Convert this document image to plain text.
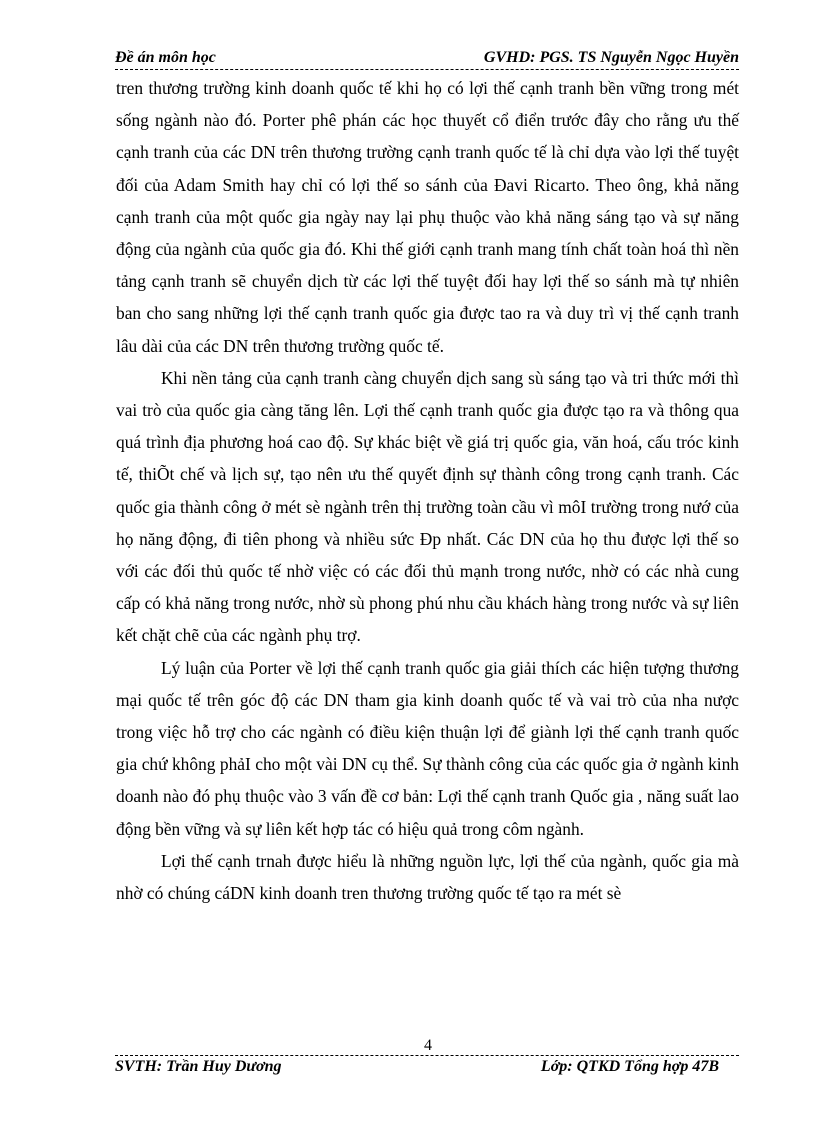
Đề án môn học	GVHD: PGS. TS Nguyễn Ngọc Huyền

tren thương trường kinh doanh quốc tế khi họ có lợi thế cạnh tranh bền vững trong mét sống ngành nào đó. Porter phê phán các học thuyết cổ điển trước đây cho rằng ưu thế cạnh tranh của các DN trên thương trường cạnh tranh quốc tế là chỉ dựa vào lợi thế tuyệt đối của Adam Smith hay chỉ có lợi thế so sánh của Đavi Ricarto. Theo ông, khả năng cạnh tranh của một quốc gia ngày nay lại phụ thuộc vào khả năng sáng tạo và sự năng động của ngành của quốc gia đó. Khi thế giới cạnh tranh mang tính chất toàn hoá thì nền tảng cạnh tranh sẽ chuyển dịch từ các lợi thế tuyệt đối hay lợi thế so sánh mà tự nhiên ban cho sang những lợi thế cạnh tranh quốc gia được tao ra và duy trì vị thế cạnh tranh lâu dài của các DN trên thương trường quốc tế.

Khi nền tảng của cạnh tranh càng chuyển dịch sang sù sáng tạo và tri thức mới thì vai trò của quốc gia càng tăng lên. Lợi thế cạnh tranh quốc gia được tạo ra và thông qua quá trình địa phương hoá cao độ. Sự khác biệt về giá trị quốc gia, văn hoá, cấu tróc kinh tế, thiÕt chế và lịch sự, tạo nên ưu thế quyết định sự thành công trong cạnh tranh. Các quốc gia thành công ở mét sè ngành trên thị trường toàn cầu vì môI trường trong nướ của họ năng động, đi tiên phong và nhiều sức Ðp nhất. Các DN của họ thu được lợi thế so với các đối thủ quốc tế nhờ việc có các đối thủ mạnh trong nước, nhờ có các nhà cung cấp có khả năng trong nước, nhờ sù phong phú nhu cầu khách hàng trong nước và sự liên kết chặt chẽ của các ngành phụ trợ.

Lý luận của Porter về lợi thế cạnh tranh quốc gia giải thích các hiện tượng thương mại quốc tế trên góc độ các DN tham gia kinh doanh quốc tế và vai trò của nha nược trong việc hỗ trợ cho các ngành có điều kiện thuận lợi để giành lợi thế cạnh tranh quốc gia chứ không phảI cho một vài DN cụ thể. Sự thành công của các quốc gia ở ngành kinh doanh nào đó phụ thuộc vào 3 vấn đề cơ bản: Lợi thế cạnh tranh Quốc gia , năng suất lao động bền vững và sự liên kết hợp tác có hiệu quả trong côm ngành.

Lợi thế cạnh trnah được hiểu là những nguồn lực, lợi thế của ngành, quốc gia mà nhờ có chúng cáDN kinh doanh tren thương trường quốc tế tạo ra mét sè

4
SVTH: Trần Huy Dương	Lớp: QTKD Tổng hợp 47B
